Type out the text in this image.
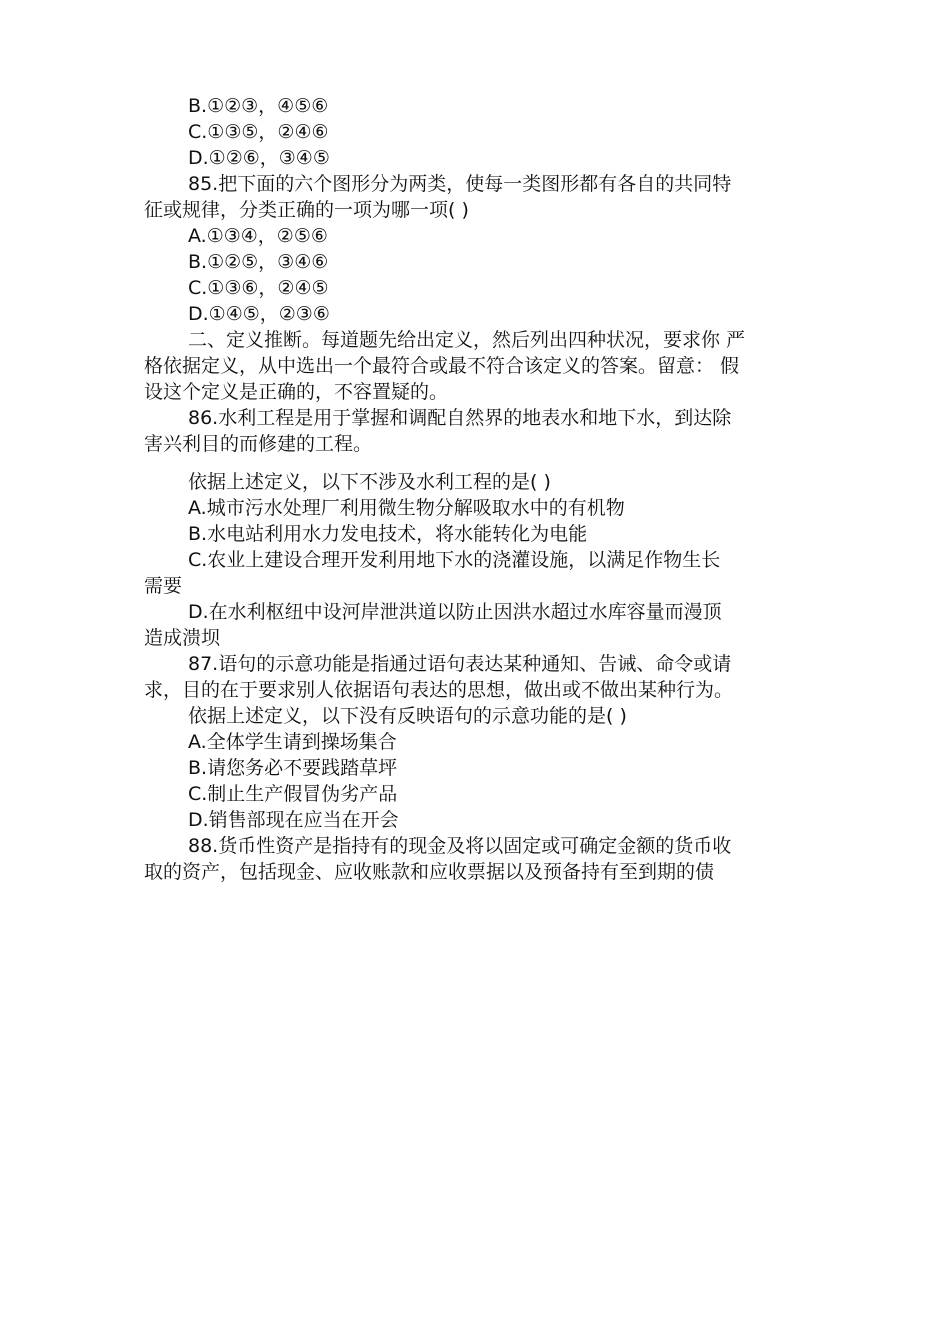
B.①②③，④⑤⑥

C.①③⑤，②④⑥

D.①②⑥，③④⑤

85.把下面的六个图形分为两类，使每一类图形都有各自的共同特

征或规律，分类正确的一项为哪一项( )

A.①③④，②⑤⑥

B.①②⑤，③④⑥

C.①③⑥，②④⑤

D.①④⑤，②③⑥

二、定义推断。每道题先给出定义，然后列出四种状况，要求你 严

格依据定义，从中选出一个最符合或最不符合该定义的答案。留意： 假

设这个定义是正确的，不容置疑的。

86.水利工程是用于掌握和调配自然界的地表水和地下水，到达除

害兴利目的而修建的工程。

依据上述定义，以下不涉及水利工程的是( )

A.城市污水处理厂利用微生物分解吸取水中的有机物

B.水电站利用水力发电技术，将水能转化为电能

C.农业上建设合理开发利用地下水的浇灌设施，以满足作物生长

需要

D.在水利枢纽中设河岸泄洪道以防止因洪水超过水库容量而漫顶

造成溃坝

87.语句的示意功能是指通过语句表达某种通知、告诫、命令或请

求，目的在于要求别人依据语句表达的思想，做出或不做出某种行为。

依据上述定义，以下没有反映语句的示意功能的是( )

A.全体学生请到操场集合

B.请您务必不要践踏草坪

C.制止生产假冒伪劣产品

D.销售部现在应当在开会

88.货币性资产是指持有的现金及将以固定或可确定金额的货币收

取的资产，包括现金、应收账款和应收票据以及预备持有至到期的债
